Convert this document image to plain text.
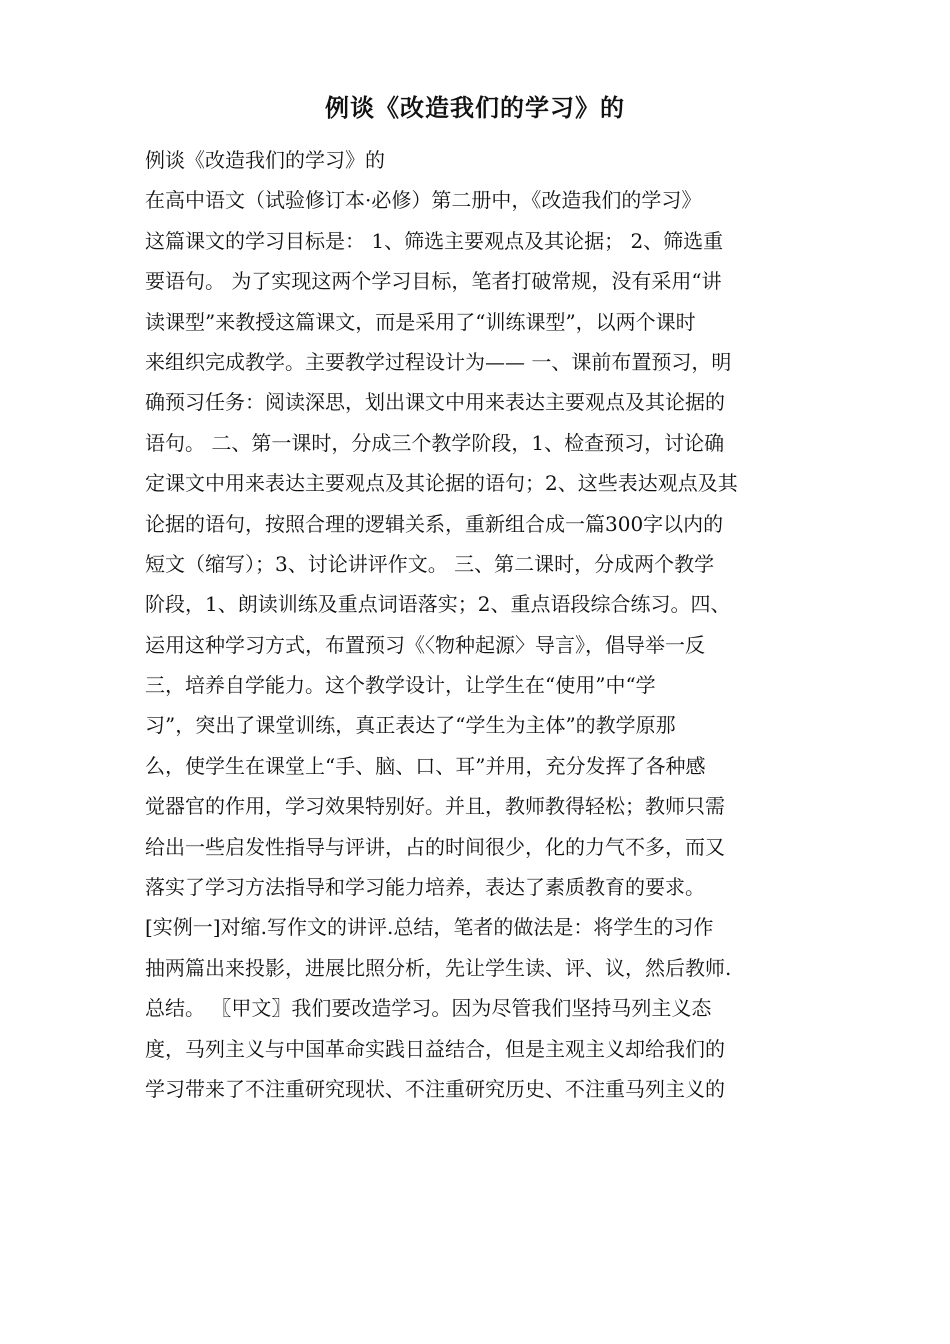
例谈《改造我们的学习》的
例谈《改造我们的学习》的
在高中语文（试验修订本·必修）第二册中，《改造我们的学习》
这篇课文的学习目标是： 1、筛选主要观点及其论据； 2、筛选重
要语句。 为了实现这两个学习目标，笔者打破常规，没有采用“讲
读课型”来教授这篇课文，而是采用了“训练课型”，以两个课时
来组织完成教学。主要教学过程设计为—— 一、课前布置预习，明
确预习任务：阅读深思，划出课文中用来表达主要观点及其论据的
语句。 二、第一课时，分成三个教学阶段，1、检查预习，讨论确
定课文中用来表达主要观点及其论据的语句；2、这些表达观点及其
论据的语句，按照合理的逻辑关系，重新组合成一篇300字以内的
短文（缩写）；3、讨论讲评作文。 三、第二课时，分成两个教学
阶段，1、朗读训练及重点词语落实；2、重点语段综合练习。四、
运用这种学习方式，布置预习《〈物种起源〉导言》，倡导举一反
三，培养自学能力。这个教学设计，让学生在“使用”中“学
习”，突出了课堂训练，真正表达了“学生为主体”的教学原那
么，使学生在课堂上“手、脑、口、耳”并用，充分发挥了各种感
觉器官的作用，学习效果特别好。并且，教师教得轻松；教师只需
给出一些启发性指导与评讲，占的时间很少，化的力气不多，而又
落实了学习方法指导和学习能力培养，表达了素质教育的要求。
[实例一]对缩.写作文的讲评.总结，笔者的做法是：将学生的习作
抽两篇出来投影，进展比照分析，先让学生读、评、议，然后教师.
总结。 〖甲文〗我们要改造学习。因为尽管我们坚持马列主义态
度，马列主义与中国革命实践日益结合，但是主观主义却给我们的
学习带来了不注重研究现状、不注重研究历史、不注重马列主义的
